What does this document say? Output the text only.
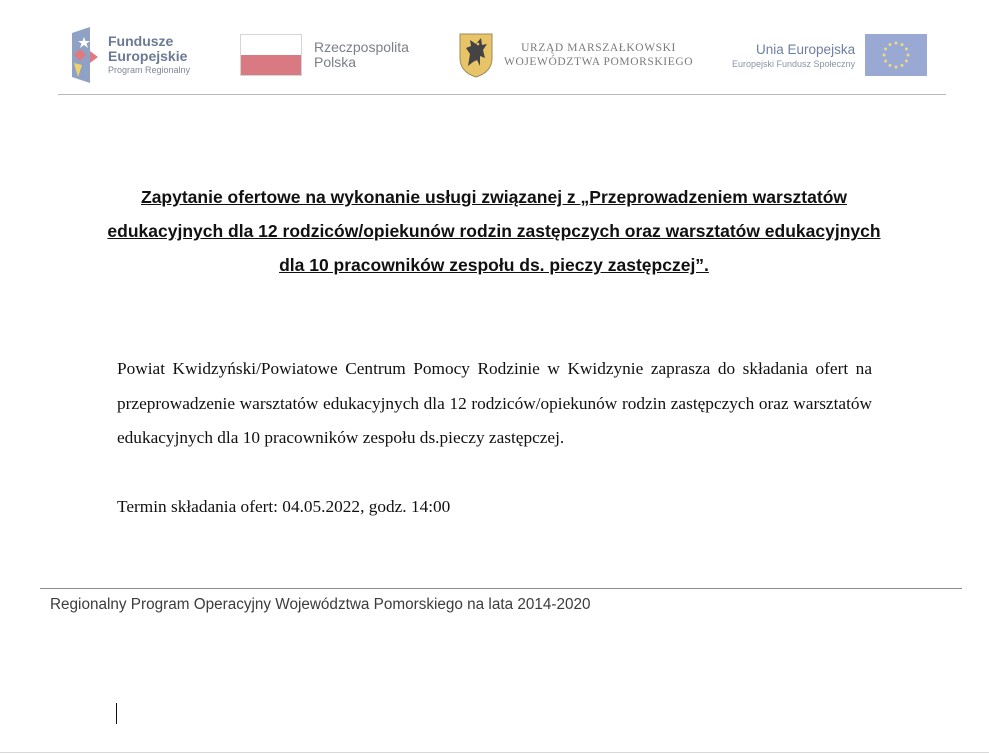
Fundusze
Europejskie
Program Regionalny
Rzeczpospolita
Polska
URZĄD MARSZAŁKOWSKI
WOJEWÓDZTWA POMORSKIEGO
Unia Europejska
Europejski Fundusz Społeczny

Zapytanie ofertowe na wykonanie usługi związanej z „Przeprowadzeniem warsztatów edukacyjnych dla 12 rodziców/opiekunów rodzin zastępczych oraz warsztatów edukacyjnych dla 10 pracowników zespołu ds. pieczy zastępczej”.

Powiat Kwidzyński/Powiatowe Centrum Pomocy Rodzinie w Kwidzynie zaprasza do składania ofert na przeprowadzenie warsztatów edukacyjnych dla 12 rodziców/opiekunów rodzin zastępczych oraz warsztatów edukacyjnych dla 10 pracowników zespołu ds.pieczy zastępczej.

Termin składania ofert: 04.05.2022, godz. 14:00

Regionalny Program Operacyjny Województwa Pomorskiego na lata 2014-2020
